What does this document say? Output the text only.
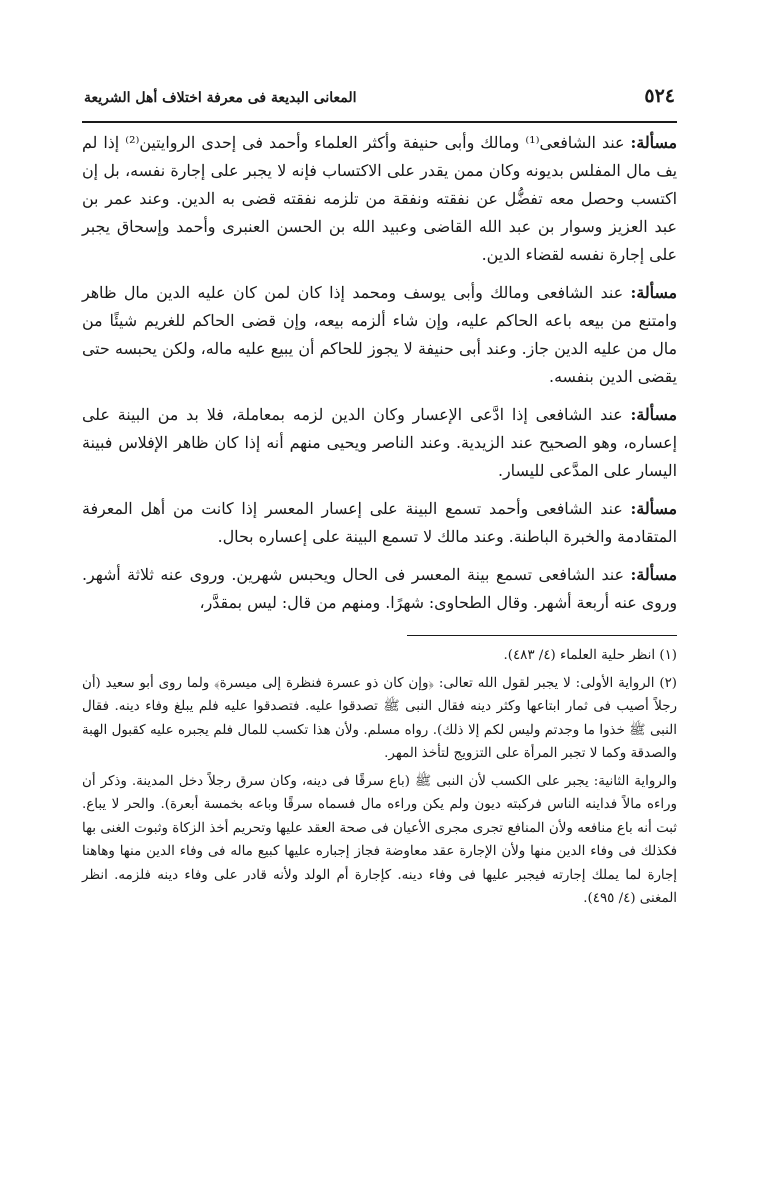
٥٢٤
المعانى البديعة فى معرفة اختلاف أهل الشريعة

مسألة: عند الشافعى⁽¹⁾ ومالك وأبى حنيفة وأكثر العلماء وأحمد فى إحدى الروايتين⁽²⁾ إذا لم يف مال المفلس بديونه وكان ممن يقدر على الاكتساب فإنه لا يجبر على إجارة نفسه، بل إن اكتسب وحصل معه تفضُّل عن نفقته ونفقة من تلزمه نفقته قضى به الدين. وعند عمر بن عبد العزيز وسوار بن عبد الله القاضى وعبيد الله بن الحسن العنبرى وأحمد وإسحاق يجبر على إجارة نفسه لقضاء الدين.

مسألة: عند الشافعى ومالك وأبى يوسف ومحمد إذا كان لمن كان عليه الدين مال ظاهر وامتنع من بيعه باعه الحاكم عليه، وإن شاء ألزمه بيعه، وإن قضى الحاكم للغريم شيئًا من مال من عليه الدين جاز. وعند أبى حنيفة لا يجوز للحاكم أن يبيع عليه ماله، ولكن يحبسه حتى يقضى الدين بنفسه.

مسألة: عند الشافعى إذا ادَّعى الإعسار وكان الدين لزمه بمعاملة، فلا بد من البينة على إعساره، وهو الصحيح عند الزيدية. وعند الناصر ويحيى منهم أنه إذا كان ظاهر الإفلاس فبينة اليسار على المدَّعى لليسار.

مسألة: عند الشافعى وأحمد تسمع البينة على إعسار المعسر إذا كانت من أهل المعرفة المتقادمة والخبرة الباطنة. وعند مالك لا تسمع البينة على إعساره بحال.

مسألة: عند الشافعى تسمع بينة المعسر فى الحال ويحبس شهرين. وروى عنه ثلاثة أشهر. وروى عنه أربعة أشهر. وقال الطحاوى: شهرًا. ومنهم من قال: ليس بمقدَّر،

(١) انظر حلية العلماء (٤/ ٤٨٣).

(٢) الرواية الأولى: لا يجبر لقول الله تعالى: ﴿وإن كان ذو عسرة فنظرة إلى ميسرة﴾ ولما روى أبو سعيد (أن رجلاً أصيب فى ثمار ابتاعها وكثر دينه فقال النبى ﷺ تصدقوا عليه. فتصدقوا عليه فلم يبلغ وفاء دينه. فقال النبى ﷺ خذوا ما وجدتم وليس لكم إلا ذلك). رواه مسلم. ولأن هذا تكسب للمال فلم يجبره عليه كقبول الهبة والصدقة وكما لا تجبر المرأة على التزويج لتأخذ المهر.

والرواية الثانية: يجبر على الكسب لأن النبى ﷺ (باع سرقًا فى دينه، وكان سرق رجلاً دخل المدينة. وذكر أن وراءه مالاً فداينه الناس فركبته ديون ولم يكن وراءه مال فسماه سرقًا وباعه بخمسة أبعرة). والحر لا يباع. ثبت أنه باع منافعه ولأن المنافع تجرى مجرى الأعيان فى صحة العقد عليها وتحريم أخذ الزكاة وثبوت الغنى بها فكذلك فى وفاء الدين منها ولأن الإجارة عقد معاوضة فجاز إجباره عليها كبيع ماله فى وفاء الدين منها وهاهنا إجارة لما يملك إجارته فيجبر عليها فى وفاء دينه. كإجارة أم الولد ولأنه قادر على وفاء دينه فلزمه. انظر المغنى (٤/ ٤٩٥).
